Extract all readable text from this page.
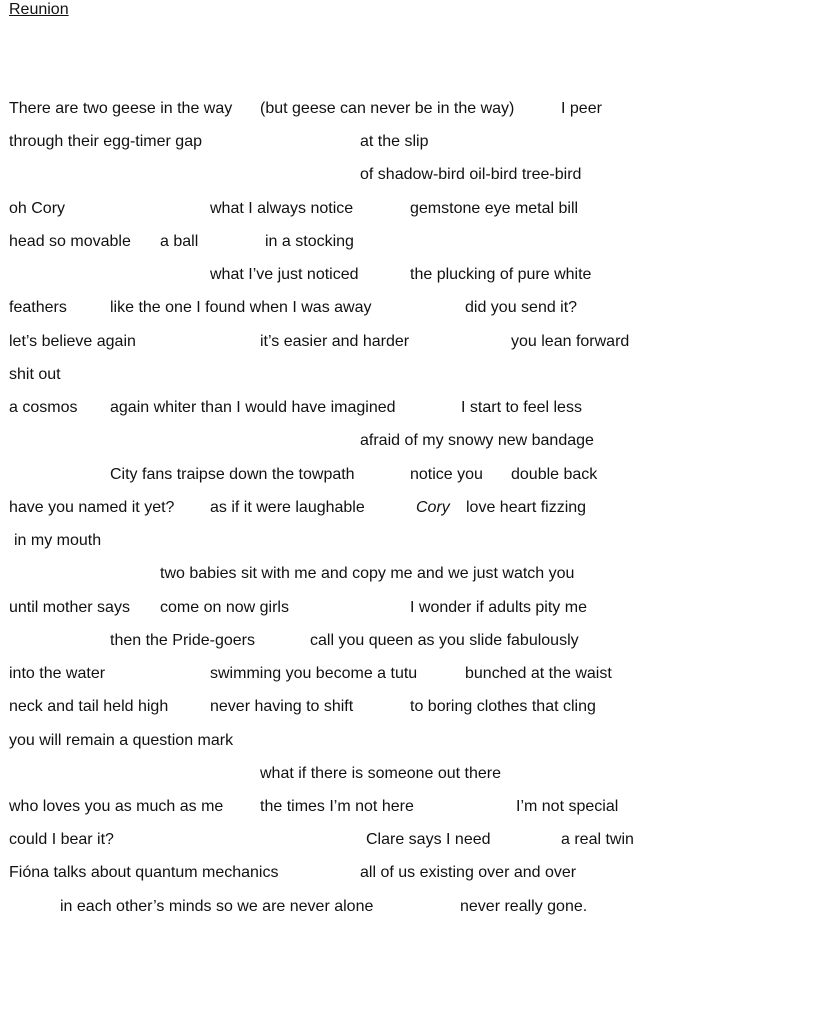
Reunion
There are two geese in the way (but geese can never be in the way)	I peer
through their egg-timer gap	at the slip
of shadow-bird oil-bird tree-bird
oh Cory	what I always notice	gemstone eye metal bill
head so movable a ball	in a stocking
what I’ve just noticed	the plucking of pure white
feathers	like the one I found when I was away	did you send it?
let’s believe again	it’s easier and harder	you lean forward
shit out
a cosmos again whiter than I would have imagined	I start to feel less
afraid of my snowy new bandage
City fans traipse down the towpath	notice you double back
have you named it yet? as if it were laughable	Cory love heart fizzing
in my mouth
two babies sit with me and copy me and we just watch you
until mother says come on now girls	I wonder if adults pity me
then the Pride-goers	call you queen as you slide fabulously
into the water	swimming you become a tutu	bunched at the waist
neck and tail held high	never having to shift	to boring clothes that cling
you will remain a question mark
what if there is someone out there
who loves you as much as me the times I’m not here	I’m not special
could I bear it?	Clare says I need	a real twin
Fióna talks about quantum mechanics	all of us existing over and over
in each other’s minds so we are never alone	never really gone.
